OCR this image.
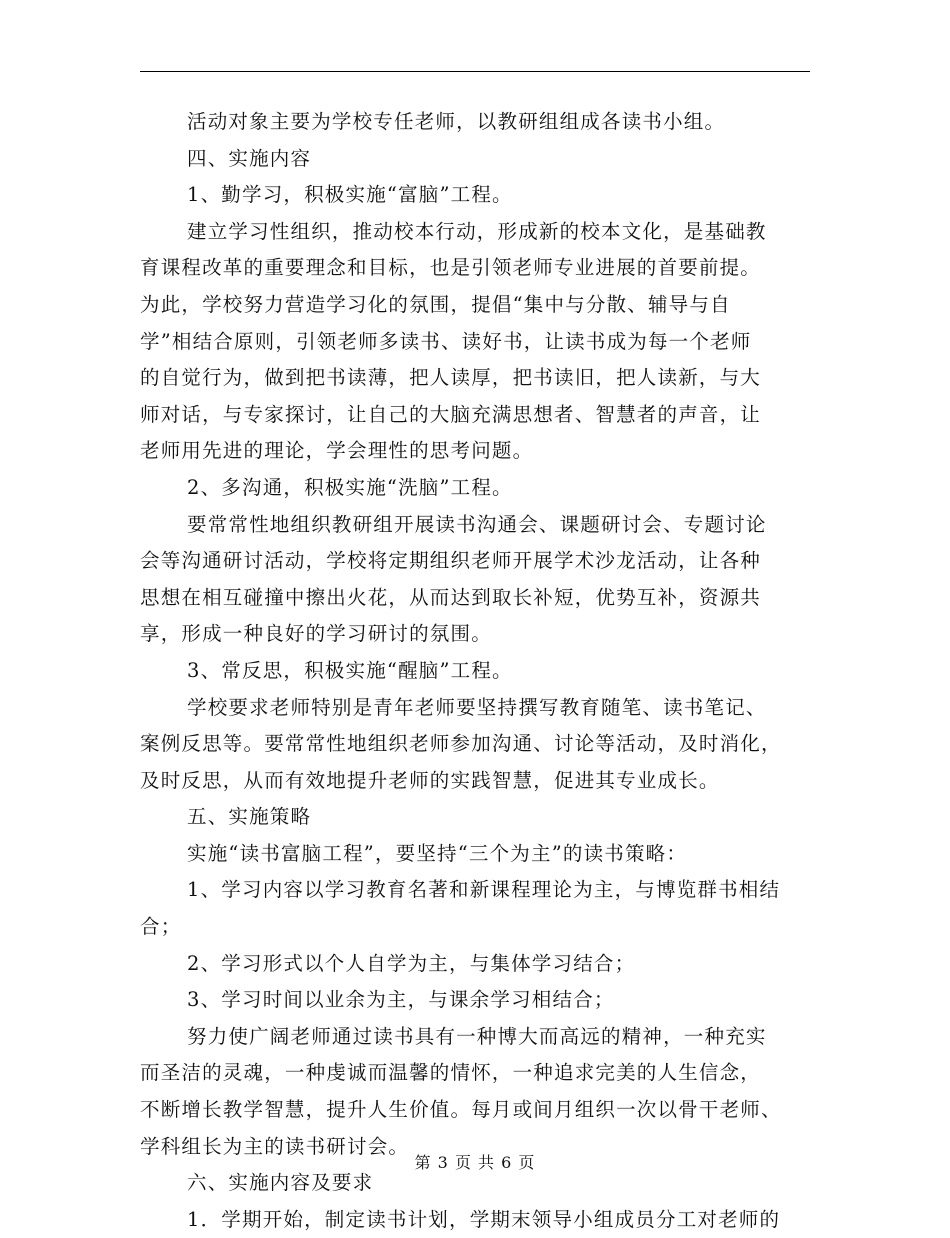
活动对象主要为学校专任老师，以教研组组成各读书小组。
四、实施内容
1、勤学习，积极实施“富脑”工程。
建立学习性组织，推动校本行动，形成新的校本文化，是基础教
育课程改革的重要理念和目标，也是引领老师专业进展的首要前提。
为此，学校努力营造学习化的氛围，提倡“集中与分散、辅导与自
学”相结合原则，引领老师多读书、读好书，让读书成为每一个老师
的自觉行为，做到把书读薄，把人读厚，把书读旧，把人读新，与大
师对话，与专家探讨，让自己的大脑充满思想者、智慧者的声音，让
老师用先进的理论，学会理性的思考问题。
2、多沟通，积极实施“洗脑”工程。
要常常性地组织教研组开展读书沟通会、课题研讨会、专题讨论
会等沟通研讨活动，学校将定期组织老师开展学术沙龙活动，让各种
思想在相互碰撞中擦出火花，从而达到取长补短，优势互补，资源共
享，形成一种良好的学习研讨的氛围。
3、常反思，积极实施“醒脑”工程。
学校要求老师特别是青年老师要坚持撰写教育随笔、读书笔记、
案例反思等。要常常性地组织老师参加沟通、讨论等活动，及时消化，
及时反思，从而有效地提升老师的实践智慧，促进其专业成长。
五、实施策略
实施“读书富脑工程”，要坚持“三个为主”的读书策略：
1、学习内容以学习教育名著和新课程理论为主，与博览群书相结
合；
2、学习形式以个人自学为主，与集体学习结合；
3、学习时间以业余为主，与课余学习相结合；
努力使广阔老师通过读书具有一种博大而高远的精神，一种充实
而圣洁的灵魂，一种虔诚而温馨的情怀，一种追求完美的人生信念，
不断增长教学智慧，提升人生价值。每月或间月组织一次以骨干老师、
学科组长为主的读书研讨会。
六、实施内容及要求
1．学期开始，制定读书计划，学期末领导小组成员分工对老师的
第 3 页 共 6 页
